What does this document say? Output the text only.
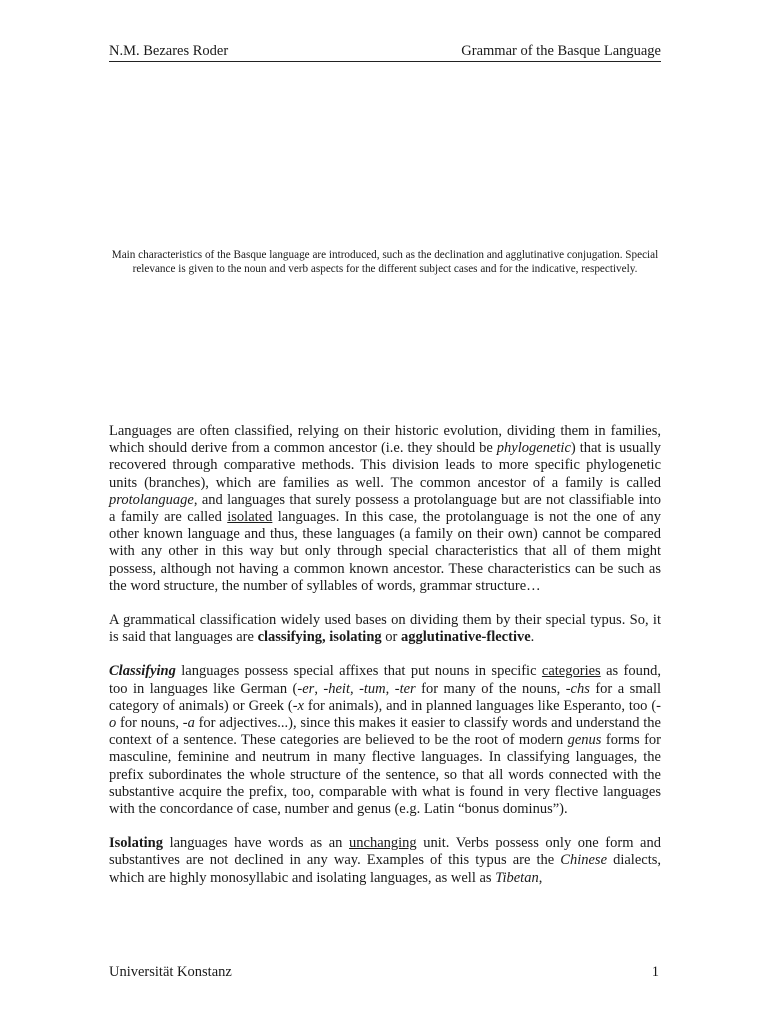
N.M. Bezares Roder	Grammar of the Basque Language
Main characteristics of the Basque language are introduced, such as the declination and agglutinative conjugation. Special relevance is given to the noun and verb aspects for the different subject cases and for the indicative, respectively.

Languages are often classified, relying on their historic evolution, dividing them in families, which should derive from a common ancestor (i.e. they should be phylogenetic) that is usually recovered through comparative methods. This division leads to more specific phylogenetic units (branches), which are families as well. The common ancestor of a family is called protolanguage, and languages that surely possess a protolanguage but are not classifiable into a family are called isolated languages. In this case, the protolanguage is not the one of any other known language and thus, these languages (a family on their own) cannot be compared with any other in this way but only through special characteristics that all of them might possess, although not having a common known ancestor. These characteristics can be such as the word structure, the number of syllables of words, grammar structure…

A grammatical classification widely used bases on dividing them by their special typus. So, it is said that languages are classifying, isolating or agglutinative-flective.

Classifying languages possess special affixes that put nouns in specific categories as found, too in languages like German (-er, -heit, -tum, -ter for many of the nouns, -chs for a small category of animals) or Greek (-x for animals), and in planned languages like Esperanto, too (-o for nouns, -a for adjectives...), since this makes it easier to classify words and understand the context of a sentence. These categories are believed to be the root of modern genus forms for masculine, feminine and neutrum in many flective languages. In classifying languages, the prefix subordinates the whole structure of the sentence, so that all words connected with the substantive acquire the prefix, too, comparable with what is found in very flective languages with the concordance of case, number and genus (e.g. Latin “bonus dominus”).

Isolating languages have words as an unchanging unit. Verbs possess only one form and substantives are not declined in any way. Examples of this typus are the Chinese dialects, which are highly monosyllabic and isolating languages, as well as Tibetan,

Universität Konstanz	1
